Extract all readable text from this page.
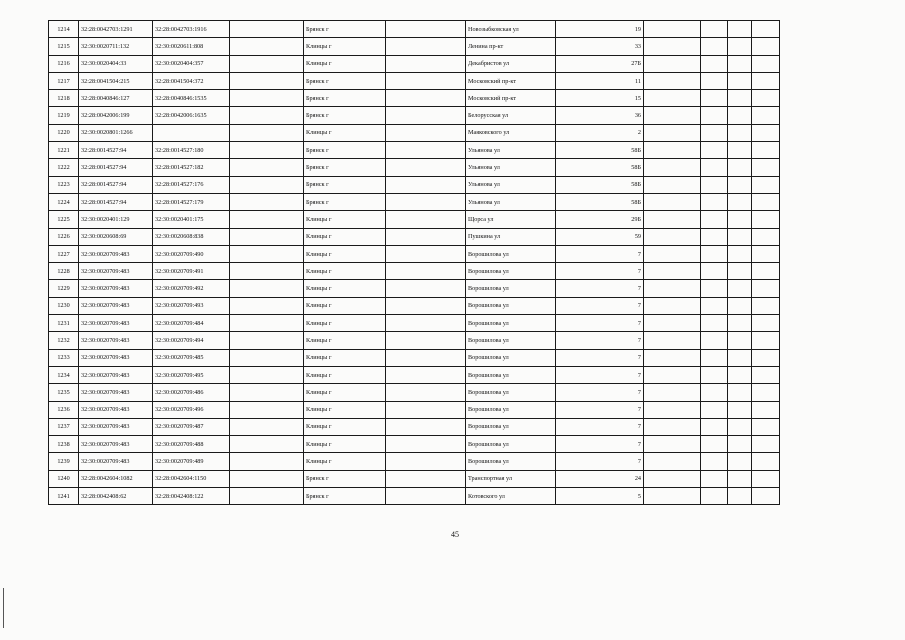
1214	32:28:0042703:1291	32:28:0042703:1916		Брянск г		Новозыбковская ул	19				
1215	32:30:0020711:132	32:30:0020611:808		Клинцы г		Ленина пр-кт	33				
1216	32:30:0020404:33	32:30:0020404:357		Клинцы г		Декабристов ул	27Б				
1217	32:28:0041504:215	32:28:0041504:372		Брянск г		Московский пр-кт	11				
1218	32:28:0040846:127	32:28:0040846:1535		Брянск г		Московский пр-кт	15				
1219	32:28:0042006:199	32:28:0042006:1635		Брянск г		Белорусская ул	36				
1220	32:30:0020801:1266			Клинцы г		Маяковского ул	2				
1221	32:28:0014527:94	32:28:0014527:180		Брянск г		Ульянова ул	58Б				
1222	32:28:0014527:94	32:28:0014527:182		Брянск г		Ульянова ул	58Б				
1223	32:28:0014527:94	32:28:0014527:176		Брянск г		Ульянова ул	58Б				
1224	32:28:0014527:94	32:28:0014527:179		Брянск г		Ульянова ул	58Б				
1225	32:30:0020401:129	32:30:0020401:175		Клинцы г		Щорса ул	29Б				
1226	32:30:0020608:69	32:30:0020608:838		Клинцы г		Пушкина ул	59				
1227	32:30:0020709:483	32:30:0020709:490		Клинцы г		Ворошилова ул	7				
1228	32:30:0020709:483	32:30:0020709:491		Клинцы г		Ворошилова ул	7				
1229	32:30:0020709:483	32:30:0020709:492		Клинцы г		Ворошилова ул	7				
1230	32:30:0020709:483	32:30:0020709:493		Клинцы г		Ворошилова ул	7				
1231	32:30:0020709:483	32:30:0020709:484		Клинцы г		Ворошилова ул	7				
1232	32:30:0020709:483	32:30:0020709:494		Клинцы г		Ворошилова ул	7				
1233	32:30:0020709:483	32:30:0020709:485		Клинцы г		Ворошилова ул	7				
1234	32:30:0020709:483	32:30:0020709:495		Клинцы г		Ворошилова ул	7				
1235	32:30:0020709:483	32:30:0020709:486		Клинцы г		Ворошилова ул	7				
1236	32:30:0020709:483	32:30:0020709:496		Клинцы г		Ворошилова ул	7				
1237	32:30:0020709:483	32:30:0020709:487		Клинцы г		Ворошилова ул	7				
1238	32:30:0020709:483	32:30:0020709:488		Клинцы г		Ворошилова ул	7				
1239	32:30:0020709:483	32:30:0020709:489		Клинцы г		Ворошилова ул	7				
1240	32:28:0042604:1082	32:28:0042604:1150		Брянск г		Транспортная ул	24				
1241	32:28:0042408:62	32:28:0042408:122		Брянск г		Котовского ул	5				
45
